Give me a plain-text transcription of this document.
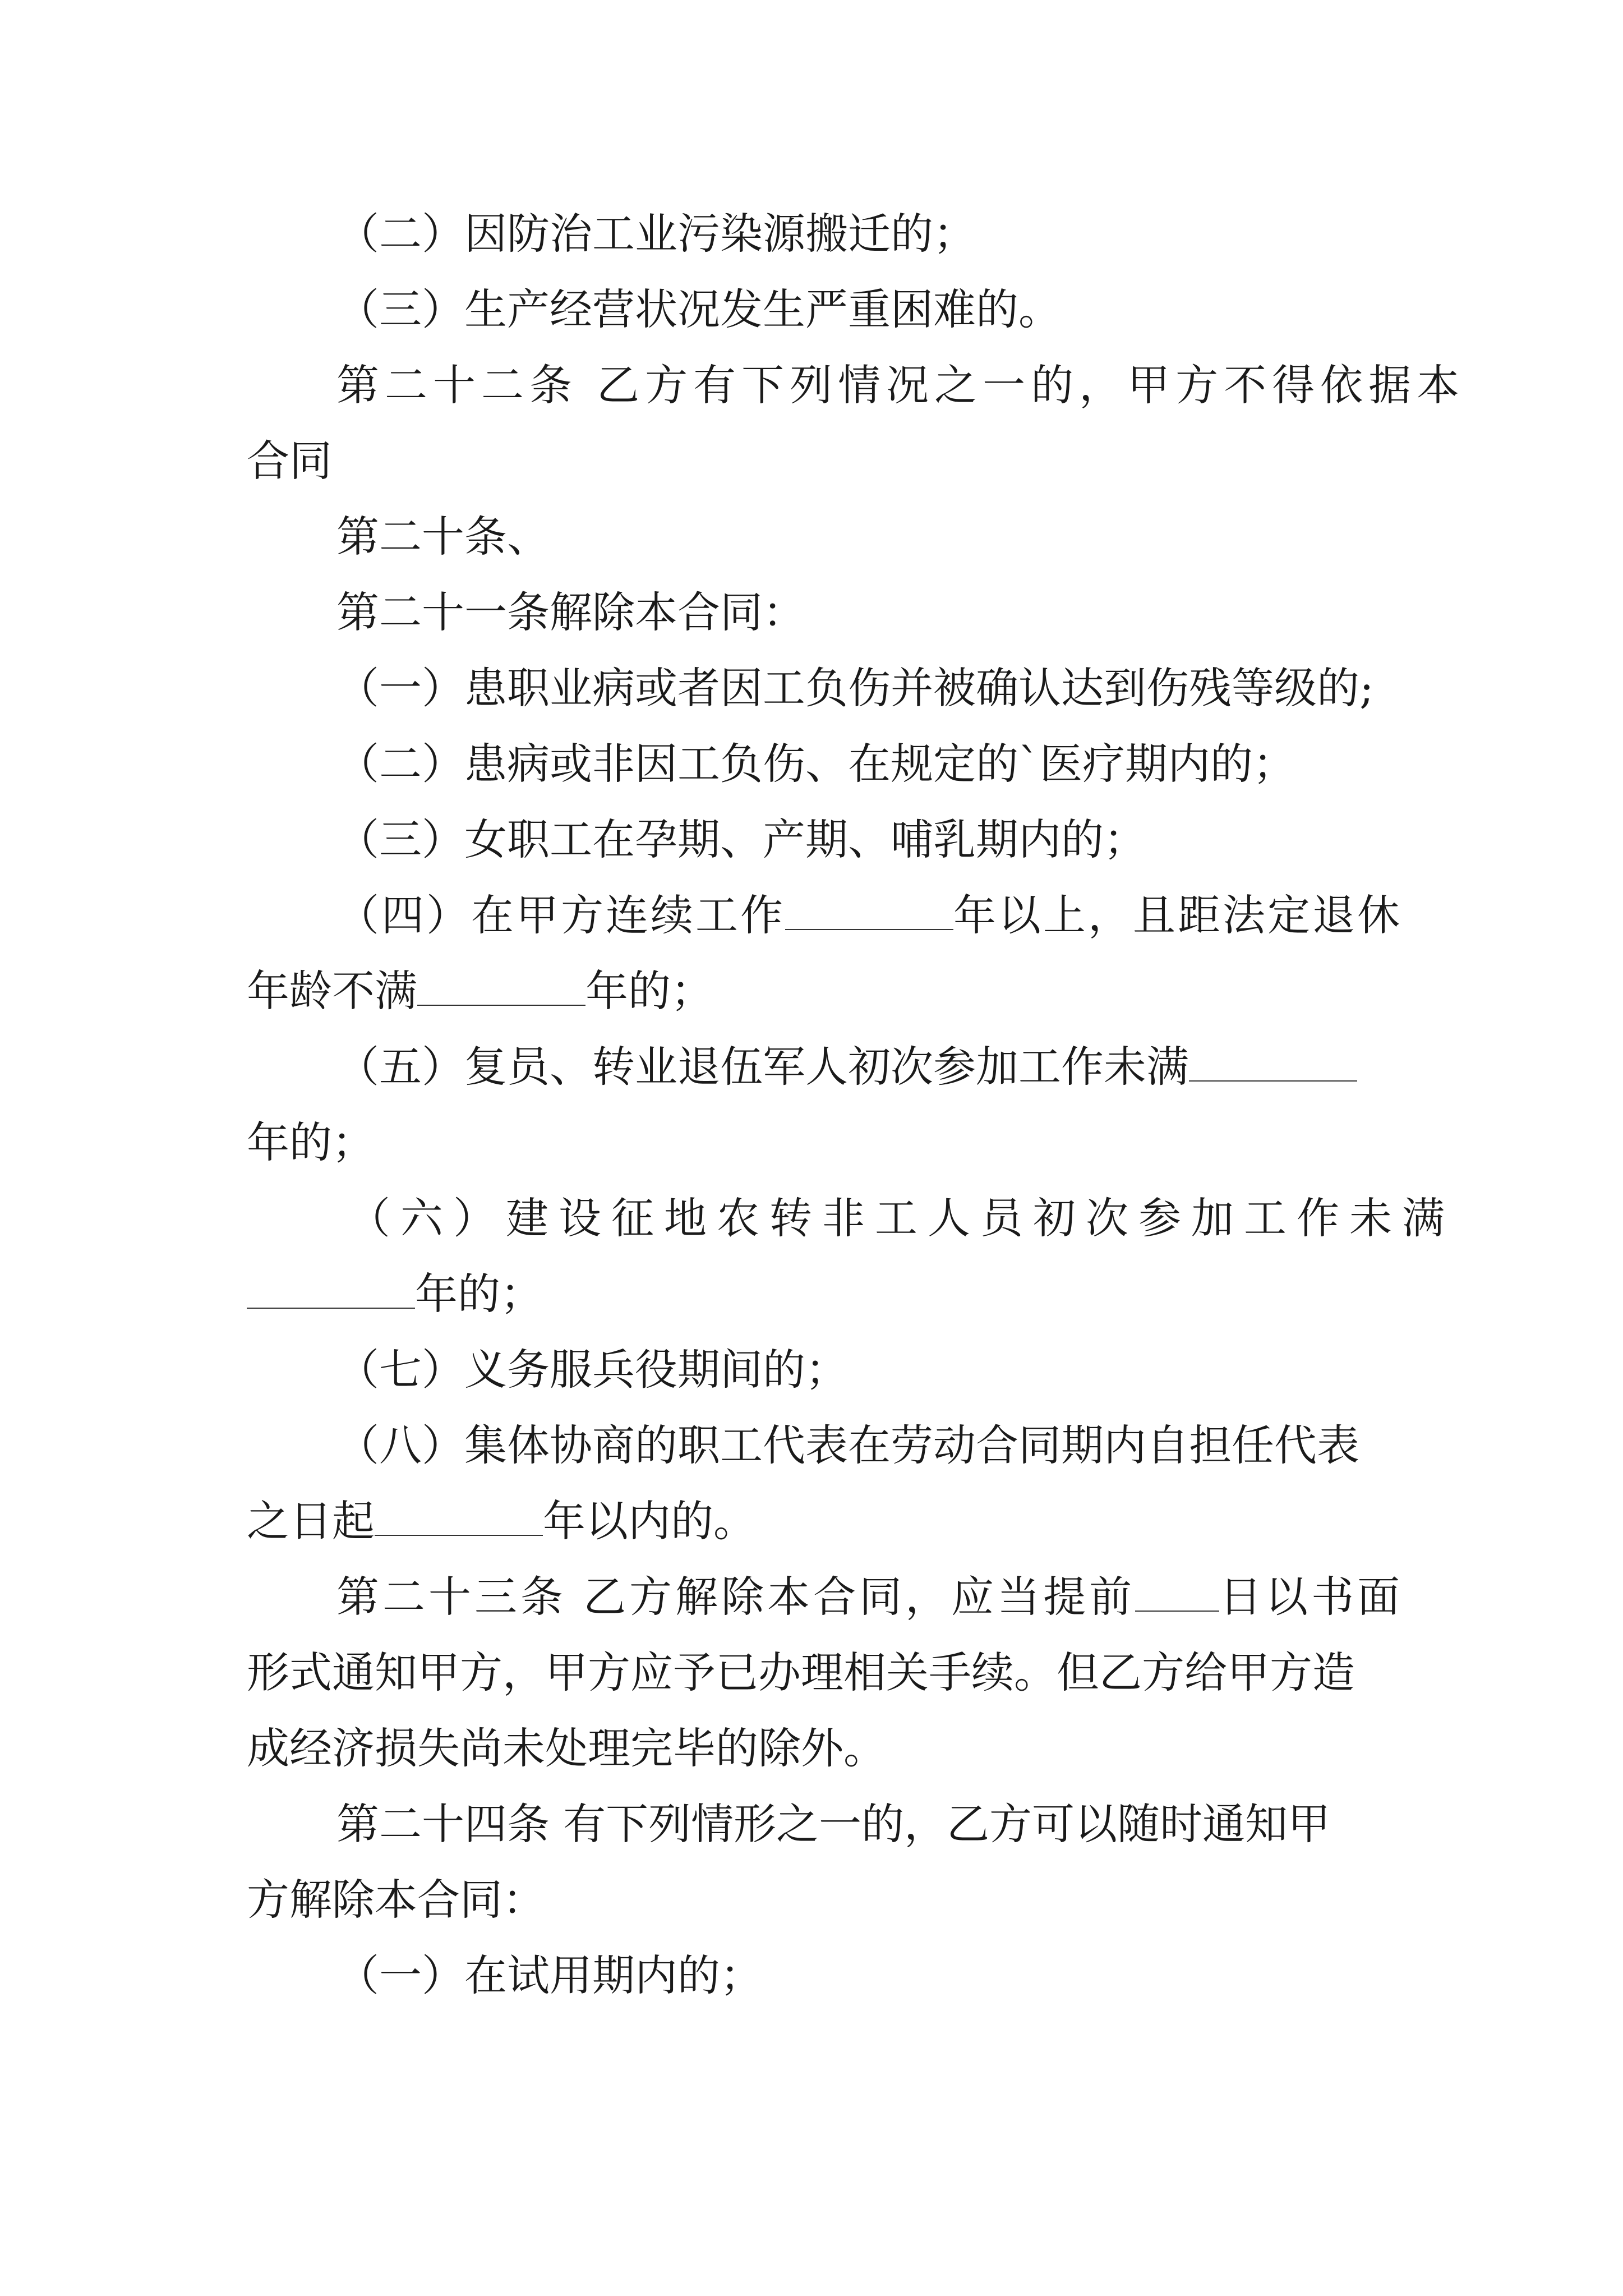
（二）因防治工业污染源搬迁的；
（三）生产经营状况发生严重困难的。
第二十二条 乙方有下列情况之一的，甲方不得依据本
合同
第二十条、
第二十一条解除本合同：
（一）患职业病或者因工负伤并被确认达到伤残等级的;
（二）患病或非因工负伤、在规定的`医疗期内的；
（三）女职工在孕期、产期、哺乳期内的；
（四）在甲方连续工作	年以上，且距法定退休
年龄不满	年的；
（五）复员、转业退伍军人初次参加工作未满
年的；
（六）建设征地农转非工人员初次参加工作未满
年的；
（七）义务服兵役期间的；
（八）集体协商的职工代表在劳动合同期内自担任代表
之日起	年以内的。
第二十三条 乙方解除本合同，应当提前 日以书面
形式通知甲方，甲方应予已办理相关手续。但乙方给甲方造
成经济损失尚未处理完毕的除外。
第二十四条 有下列情形之一的，乙方可以随时通知甲
方解除本合同：
（一）在试用期内的；
